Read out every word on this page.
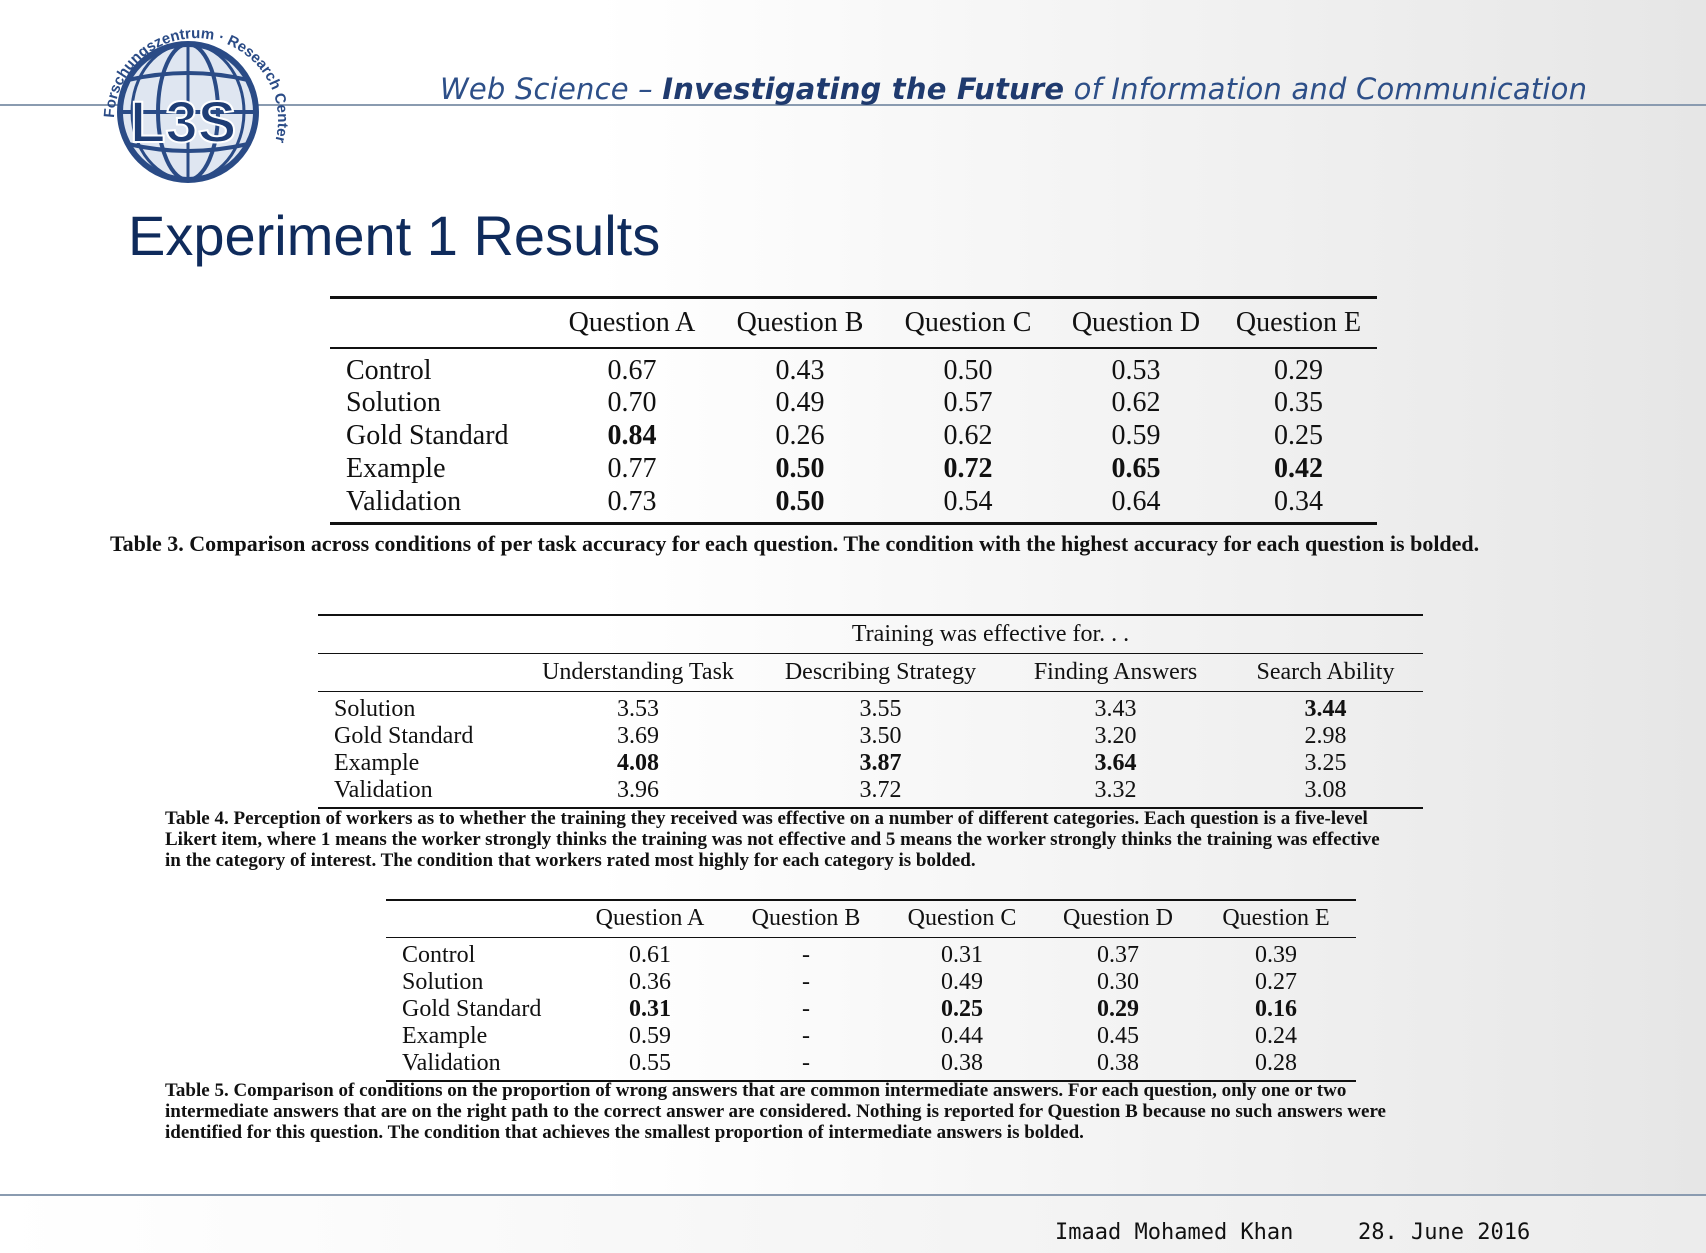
L3S
Forschungszentrum · Research Center
Web Science – Investigating the Future of Information and Communication
Experiment 1 Results
	Question A	Question B	Question C	Question D	Question E
Control	0.67	0.43	0.50	0.53	0.29
Solution	0.70	0.49	0.57	0.62	0.35
Gold Standard	0.84	0.26	0.62	0.59	0.25
Example	0.77	0.50	0.72	0.65	0.42
Validation	0.73	0.50	0.54	0.64	0.34
Table 3. Comparison across conditions of per task accuracy for each question. The condition with the highest accuracy for each question is bolded.
	Training was effective for. . .			
	Understanding Task	Describing Strategy	Finding Answers	Search Ability
Solution	3.53	3.55	3.43	3.44
Gold Standard	3.69	3.50	3.20	2.98
Example	4.08	3.87	3.64	3.25
Validation	3.96	3.72	3.32	3.08
Table 4. Perception of workers as to whether the training they received was effective on a number of different categories. Each question is a five-level
Likert item, where 1 means the worker strongly thinks the training was not effective and 5 means the worker strongly thinks the training was effective
in the category of interest. The condition that workers rated most highly for each category is bolded.
	Question A	Question B	Question C	Question D	Question E
Control	0.61	-	0.31	0.37	0.39
Solution	0.36	-	0.49	0.30	0.27
Gold Standard	0.31	-	0.25	0.29	0.16
Example	0.59	-	0.44	0.45	0.24
Validation	0.55	-	0.38	0.38	0.28
Table 5. Comparison of conditions on the proportion of wrong answers that are common intermediate answers. For each question, only one or two
intermediate answers that are on the right path to the correct answer are considered. Nothing is reported for Question B because no such answers were
identified for this question. The condition that achieves the smallest proportion of intermediate answers is bolded.
Imaad Mohamed Khan	28. June 2016
